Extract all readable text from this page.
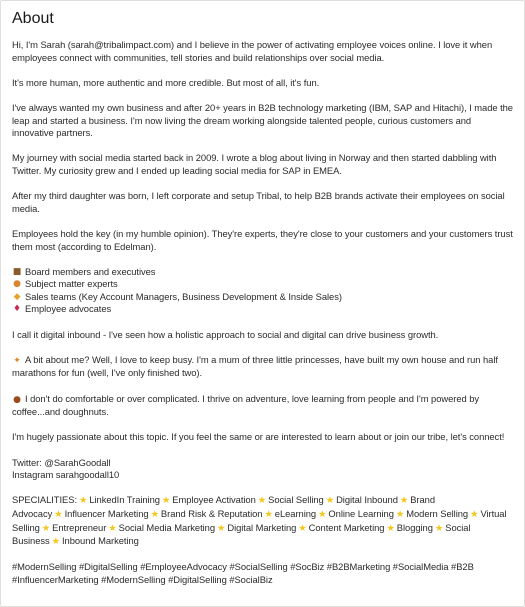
About

Hi, I'm Sarah (sarah@tribalimpact.com) and I believe in the power of activating employee voices online. I love it when employees connect with communities, tell stories and build relationships over social media.

It's more human, more authentic and more credible. But most of all, it's fun.

I've always wanted my own business and after 20+ years in B2B technology marketing (IBM, SAP and Hitachi), I made the leap and started a business. I'm now living the dream working alongside talented people, curious customers and innovative partners.

My journey with social media started back in 2009. I wrote a blog about living in Norway and then started dabbling with Twitter. My curiosity grew and I ended up leading social media for SAP in EMEA.

After my third daughter was born, I left corporate and setup Tribal, to help B2B brands activate their employees on social media.

Employees hold the key (in my humble opinion). They're experts, they're close to your customers and your customers trust them most (according to Edelman).

■ Board members and executives
● Subject matter experts
◆ Sales teams (Key Account Managers, Business Development & Inside Sales)
♦ Employee advocates

I call it digital inbound - I've seen how a holistic approach to social and digital can drive business growth.

✦ A bit about me? Well, I love to keep busy. I'm a mum of three little princesses, have built my own house and run half marathons for fun (well, I've only finished two).

● I don't do comfortable or over complicated. I thrive on adventure, love learning from people and I'm powered by coffee...and doughnuts.

I'm hugely passionate about this topic. If you feel the same or are interested to learn about or join our tribe, let's connect!

Twitter: @SarahGoodall

Instagram sarahgoodall10

SPECIALITIES: ★ LinkedIn Training ★ Employee Activation ★ Social Selling ★ Digital Inbound ★ Brand Advocacy ★ Influencer Marketing ★ Brand Risk & Reputation ★ eLearning ★ Online Learning ★ Modern Selling ★ Virtual Selling ★ Entrepreneur ★ Social Media Marketing ★ Digital Marketing ★ Content Marketing ★ Blogging ★ Social Business ★ Inbound Marketing

#ModernSelling #DigitalSelling #EmployeeAdvocacy #SocialSelling #SocBiz #B2BMarketing #SocialMedia #B2B #InfluencerMarketing #ModernSelling #DigitalSelling #SocialBiz
